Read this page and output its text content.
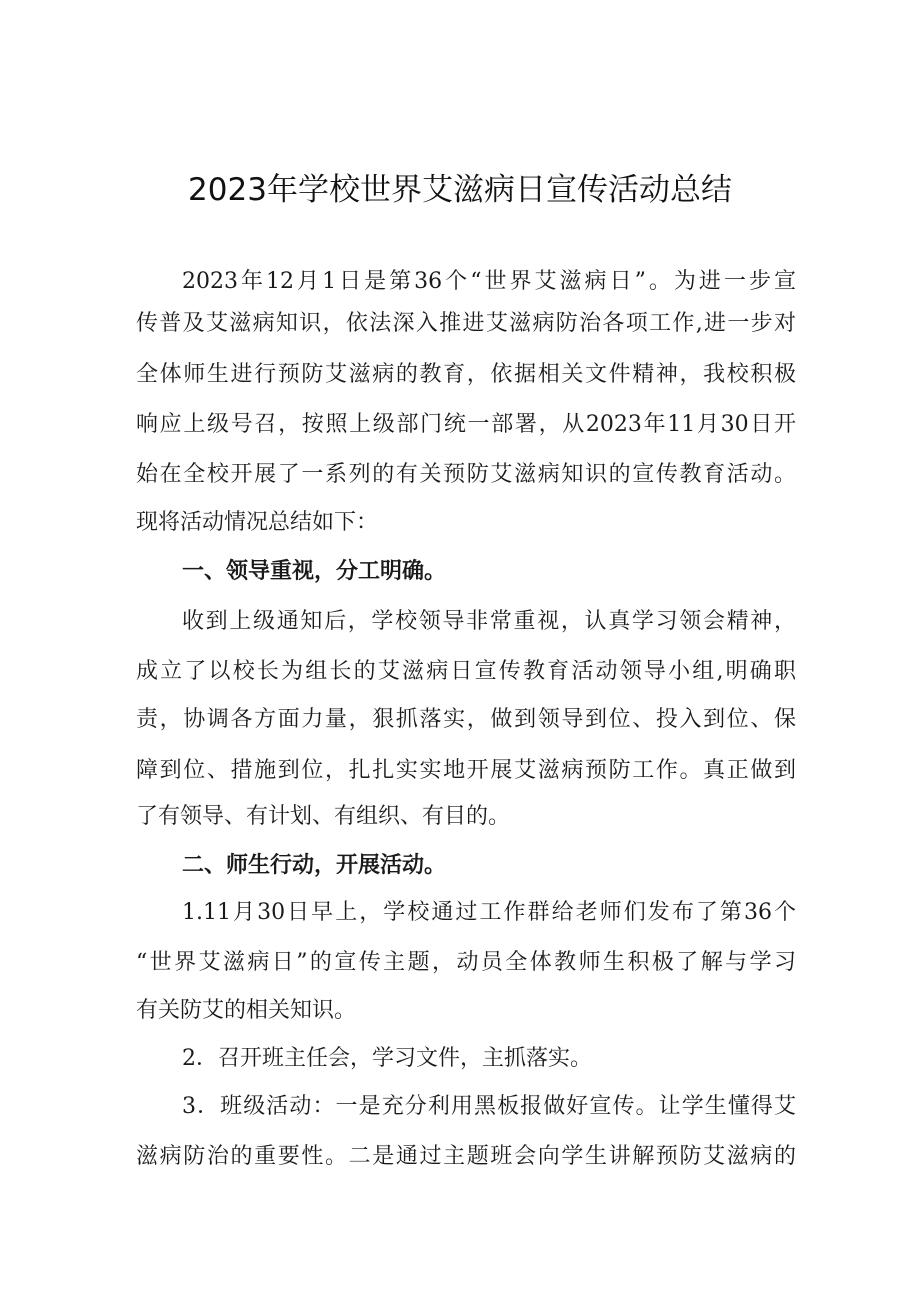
2023年学校世界艾滋病日宣传活动总结

2023年12月1日是第36个“世界艾滋病日”。为进一步宣

传普及艾滋病知识，依法深入推进艾滋病防治各项工作,进一步对

全体师生进行预防艾滋病的教育，依据相关文件精神，我校积极

响应上级号召，按照上级部门统一部署，从2023年11月30日开

始在全校开展了一系列的有关预防艾滋病知识的宣传教育活动。

现将活动情况总结如下：

一、领导重视，分工明确。

收到上级通知后，学校领导非常重视，认真学习领会精神，

成立了以校长为组长的艾滋病日宣传教育活动领导小组,明确职

责，协调各方面力量，狠抓落实，做到领导到位、投入到位、保

障到位、措施到位，扎扎实实地开展艾滋病预防工作。真正做到

了有领导、有计划、有组织、有目的。

二、师生行动，开展活动。

1.11月30日早上，学校通过工作群给老师们发布了第36个

“世界艾滋病日”的宣传主题，动员全体教师生积极了解与学习

有关防艾的相关知识。

2．召开班主任会，学习文件，主抓落实。

3．班级活动：一是充分利用黑板报做好宣传。让学生懂得艾

滋病防治的重要性。二是通过主题班会向学生讲解预防艾滋病的
